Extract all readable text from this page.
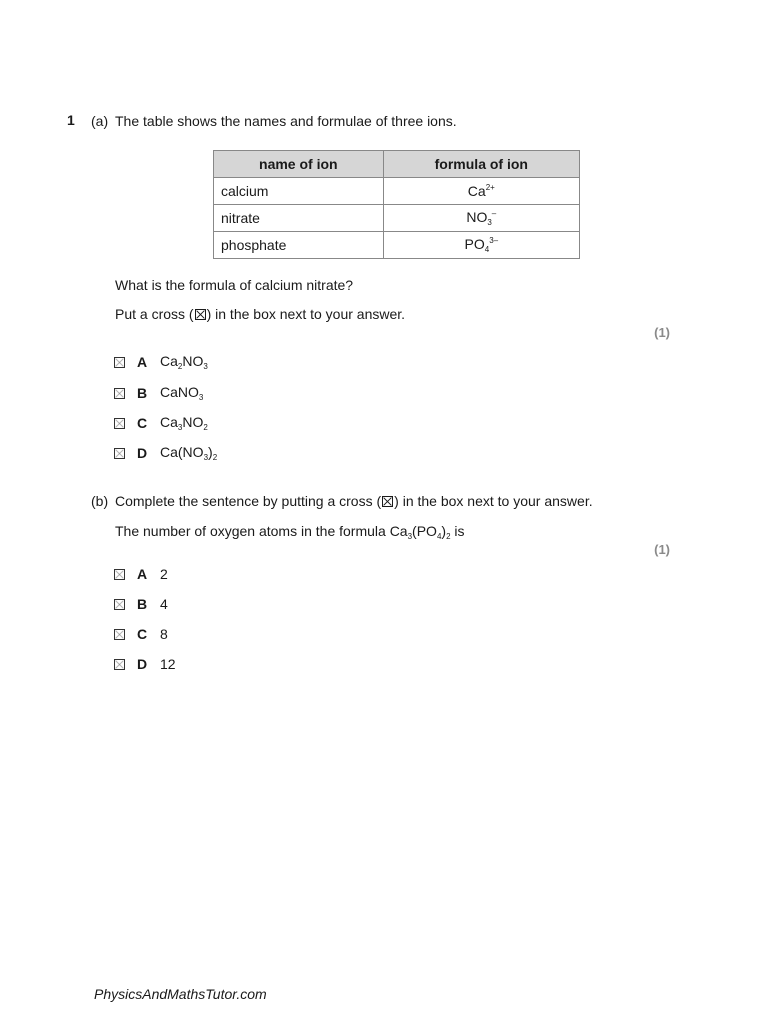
1 (a) The table shows the names and formulae of three ions.
name of ion	formula of ion
calcium	$Ca^{2+}$
nitrate	$NO_3^-$
phosphate	$PO_4^{3-}$
What is the formula of calcium nitrate?
Put a cross (☒) in the box next to your answer.
(1)
A $Ca_2NO_3$
B CaNO$_3$
C $Ca_3NO_2$
D $Ca(NO_3)_2$
(b) Complete the sentence by putting a cross (☒) in the box next to your answer.
The number of oxygen atoms in the formula $Ca_3(PO_4)_2$ is
(1)
A 2
B 4
C 8
D 12
PhysicsAndMathsTutor.com
